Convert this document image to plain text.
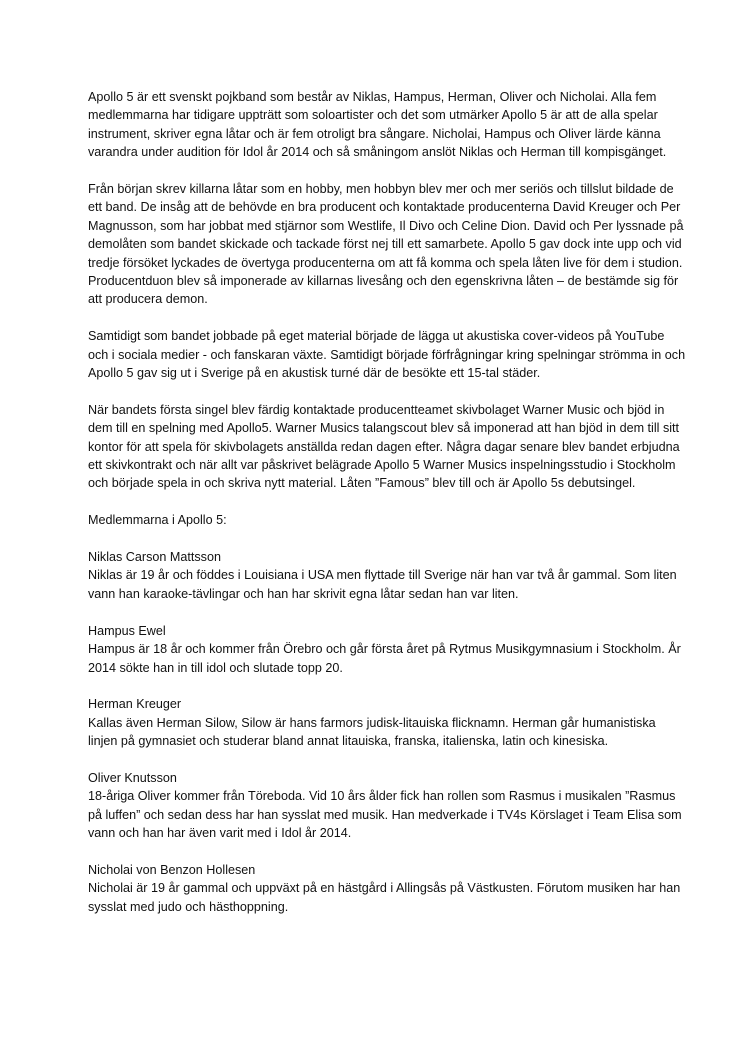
Apollo 5 är ett svenskt pojkband som består av Niklas, Hampus, Herman, Oliver och Nicholai. Alla fem medlemmarna har tidigare uppträtt som soloartister och det som utmärker Apollo 5 är att de alla spelar instrument, skriver egna låtar och är fem otroligt bra sångare. Nicholai, Hampus och Oliver lärde känna varandra under audition för Idol år 2014 och så småningom anslöt Niklas och Herman till kompisgänget.

Från början skrev killarna låtar som en hobby, men hobbyn blev mer och mer seriös och tillslut bildade de ett band. De insåg att de behövde en bra producent och kontaktade producenterna David Kreuger och Per Magnusson, som har jobbat med stjärnor som Westlife, Il Divo och Celine Dion. David och Per lyssnade på demolåten som bandet skickade och tackade först nej till ett samarbete. Apollo 5 gav dock inte upp och vid tredje försöket lyckades de övertyga producenterna om att få komma och spela låten live för dem i studion. Producentduon blev så imponerade av killarnas livesång och den egenskrivna låten – de bestämde sig för att producera demon.

Samtidigt som bandet jobbade på eget material började de lägga ut akustiska cover-videos på YouTube och i sociala medier - och fanskaran växte. Samtidigt började förfrågningar kring spelningar strömma in och Apollo 5 gav sig ut i Sverige på en akustisk turné där de besökte ett 15-tal städer.

När bandets första singel blev färdig kontaktade producentteamet skivbolaget Warner Music och bjöd in dem till en spelning med Apollo5. Warner Musics talangscout blev så imponerad att han bjöd in dem till sitt kontor för att spela för skivbolagets anställda redan dagen efter. Några dagar senare blev bandet erbjudna ett skivkontrakt och när allt var påskrivet belägrade Apollo 5 Warner Musics inspelningsstudio i Stockholm och började spela in och skriva nytt material. Låten ”Famous” blev till och är Apollo 5s debutsingel.

Medlemmarna i Apollo 5:

Niklas Carson Mattsson
Niklas är 19 år och föddes i Louisiana i USA men flyttade till Sverige när han var två år gammal. Som liten vann han karaoke-tävlingar och han har skrivit egna låtar sedan han var liten.
Hampus Ewel
Hampus är 18 år och kommer från Örebro och går första året på Rytmus Musikgymnasium i Stockholm. År 2014 sökte han in till idol och slutade topp 20.
Herman Kreuger
Kallas även Herman Silow, Silow är hans farmors judisk-litauiska flicknamn. Herman går humanistiska linjen på gymnasiet och studerar bland annat litauiska, franska, italienska, latin och kinesiska.
Oliver Knutsson
18-åriga Oliver kommer från Töreboda. Vid 10 års ålder fick han rollen som Rasmus i musikalen ”Rasmus på luffen” och sedan dess har han sysslat med musik. Han medverkade i TV4s Körslaget i Team Elisa som vann och han har även varit med i Idol år 2014.
Nicholai von Benzon Hollesen
Nicholai är 19 år gammal och uppväxt på en hästgård i Allingsås på Västkusten. Förutom musiken har han sysslat med judo och hästhoppning.
